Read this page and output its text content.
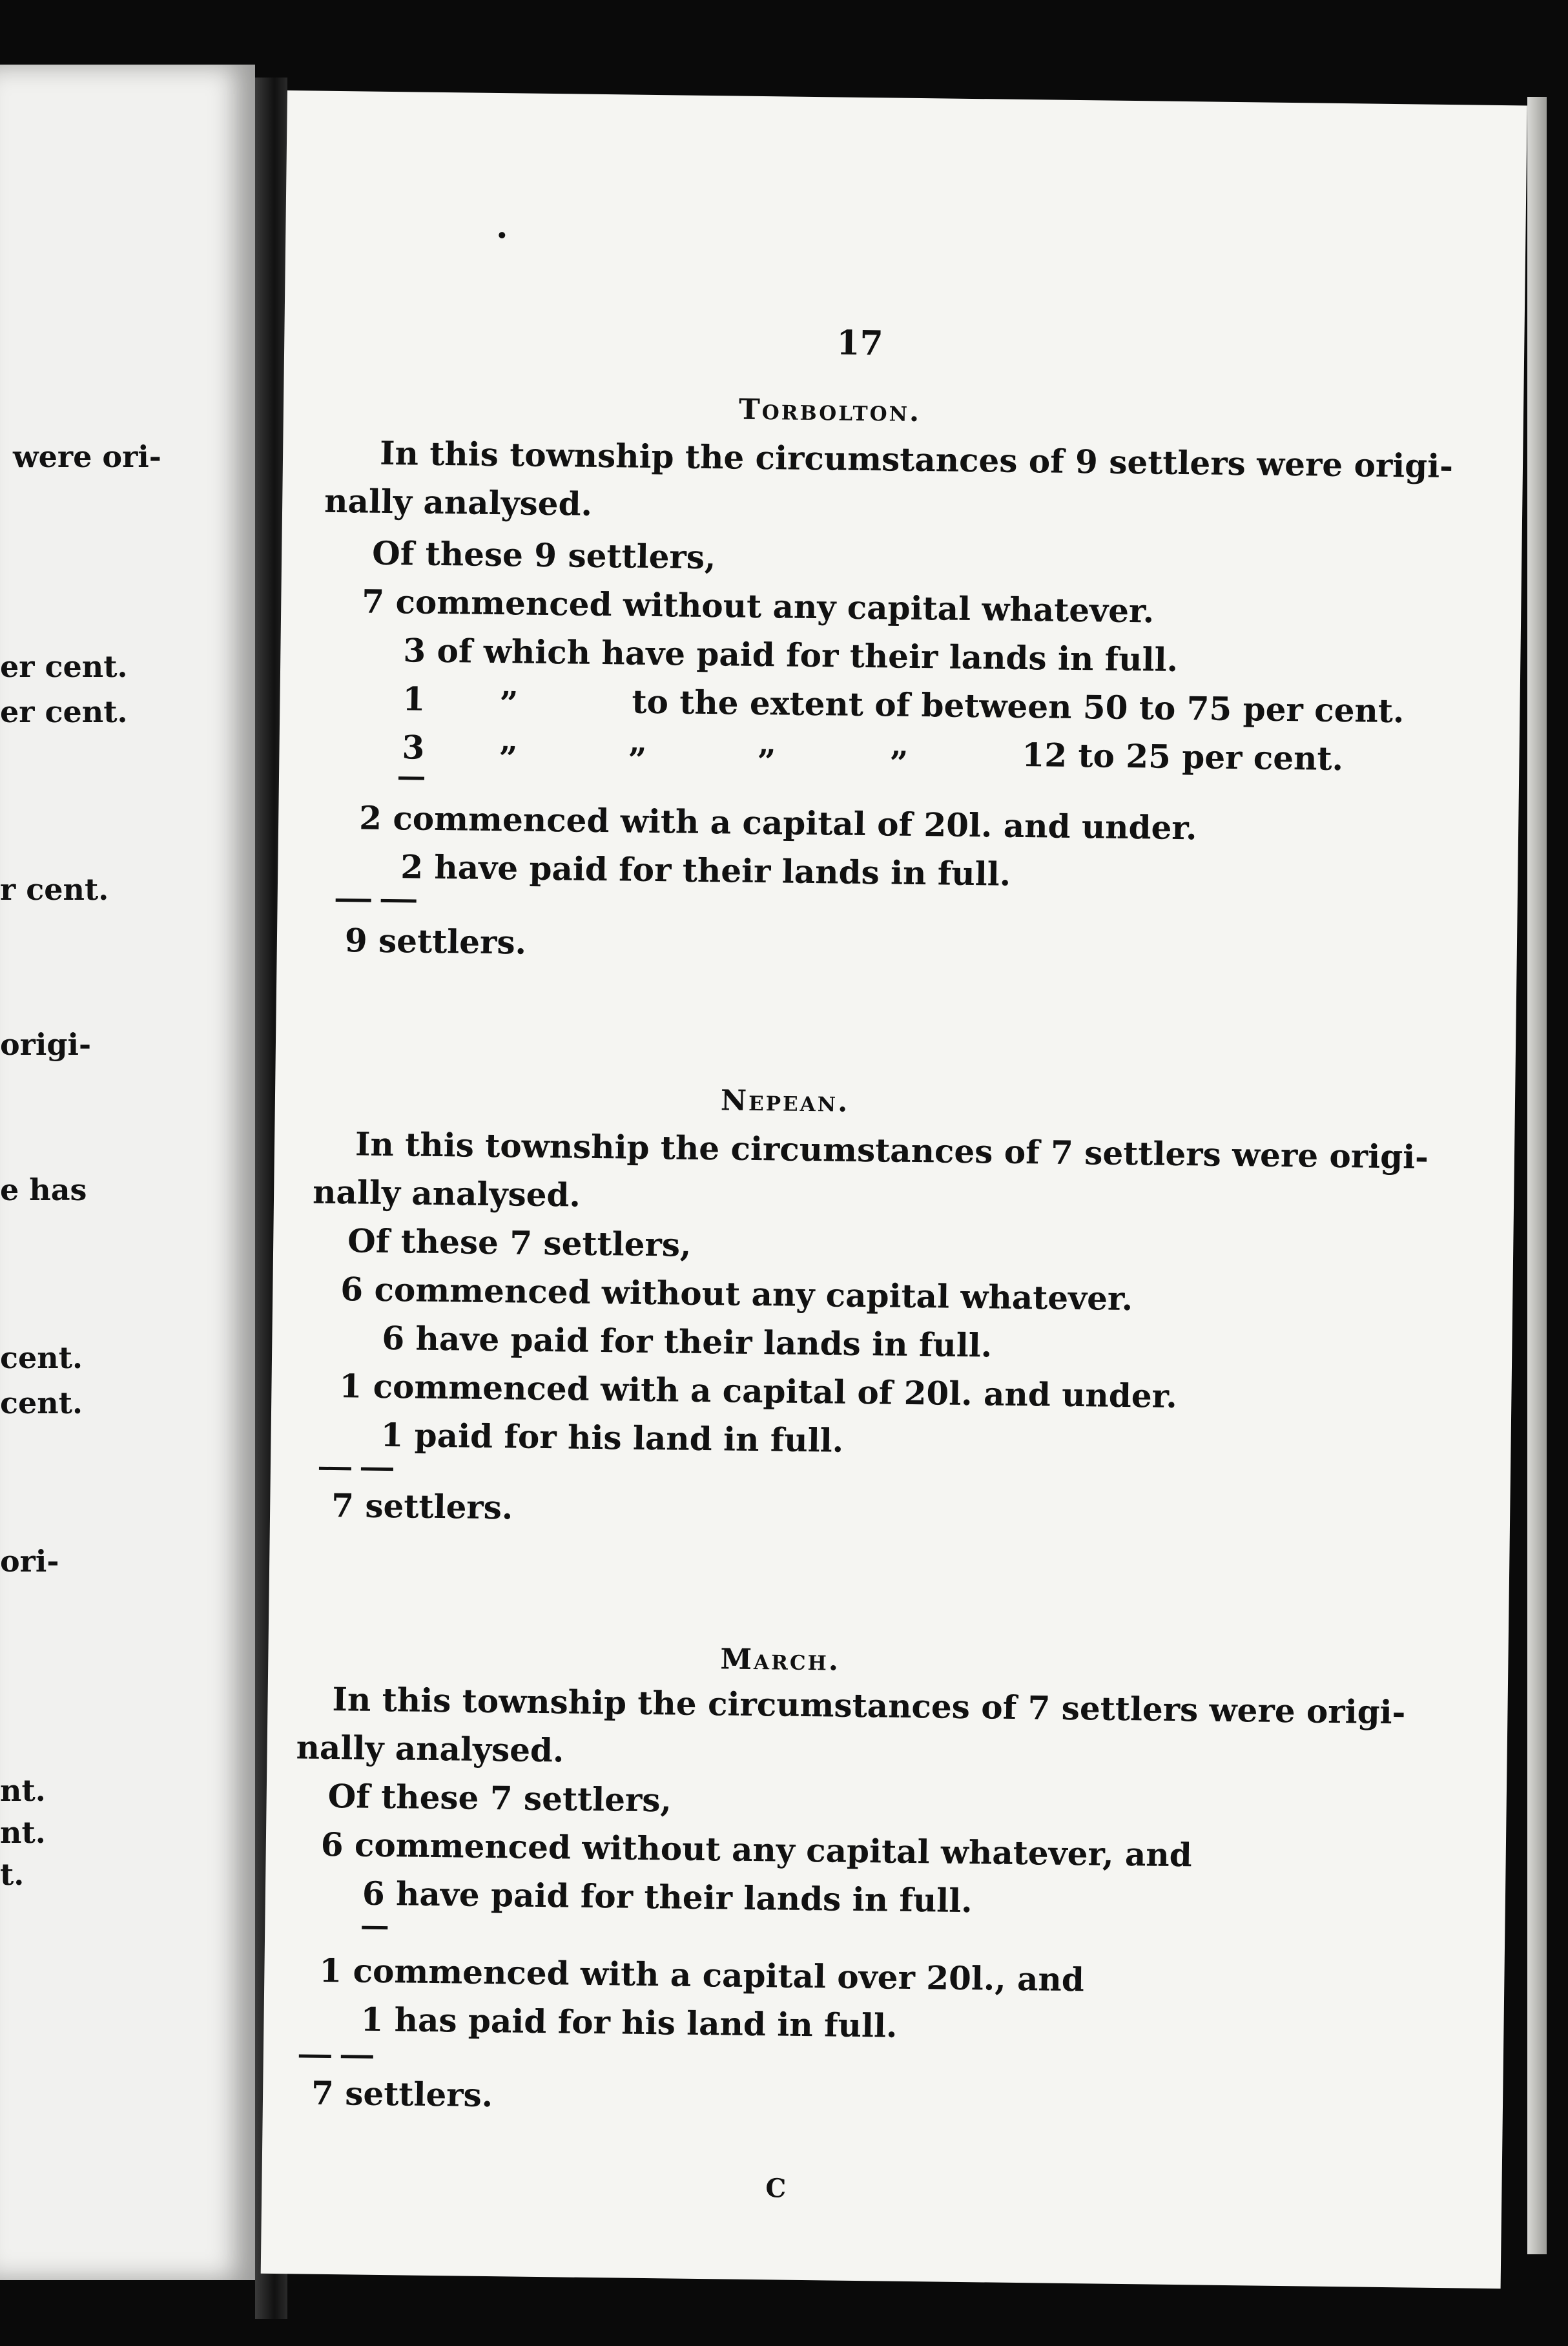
were ori-
er cent.
er cent.
r cent.
origi-
e has
cent.
cent.
ori-
nt.
nt.
t.
17
Torbolton.
In this township the circumstances of 9 settlers were origi-
nally analysed.
Of these 9 settlers,
7 commenced without any capital whatever.
3 of which have paid for their lands in full.
1 ”	to the extent of between 50 to 75 per cent.
3 ”	”	”	”	12 to 25 per cent.
2 commenced with a capital of 20l. and under.
2 have paid for their lands in full.
9 settlers.
Nepean.
In this township the circumstances of 7 settlers were origi-
nally analysed.
Of these 7 settlers,
6 commenced without any capital whatever.
6 have paid for their lands in full.
1 commenced with a capital of 20l. and under.
1 paid for his land in full.
7 settlers.
March.
In this township the circumstances of 7 settlers were origi-
nally analysed.
Of these 7 settlers,
6 commenced without any capital whatever, and
6 have paid for their lands in full.
1 commenced with a capital over 20l., and
1 has paid for his land in full.
7 settlers.
C
